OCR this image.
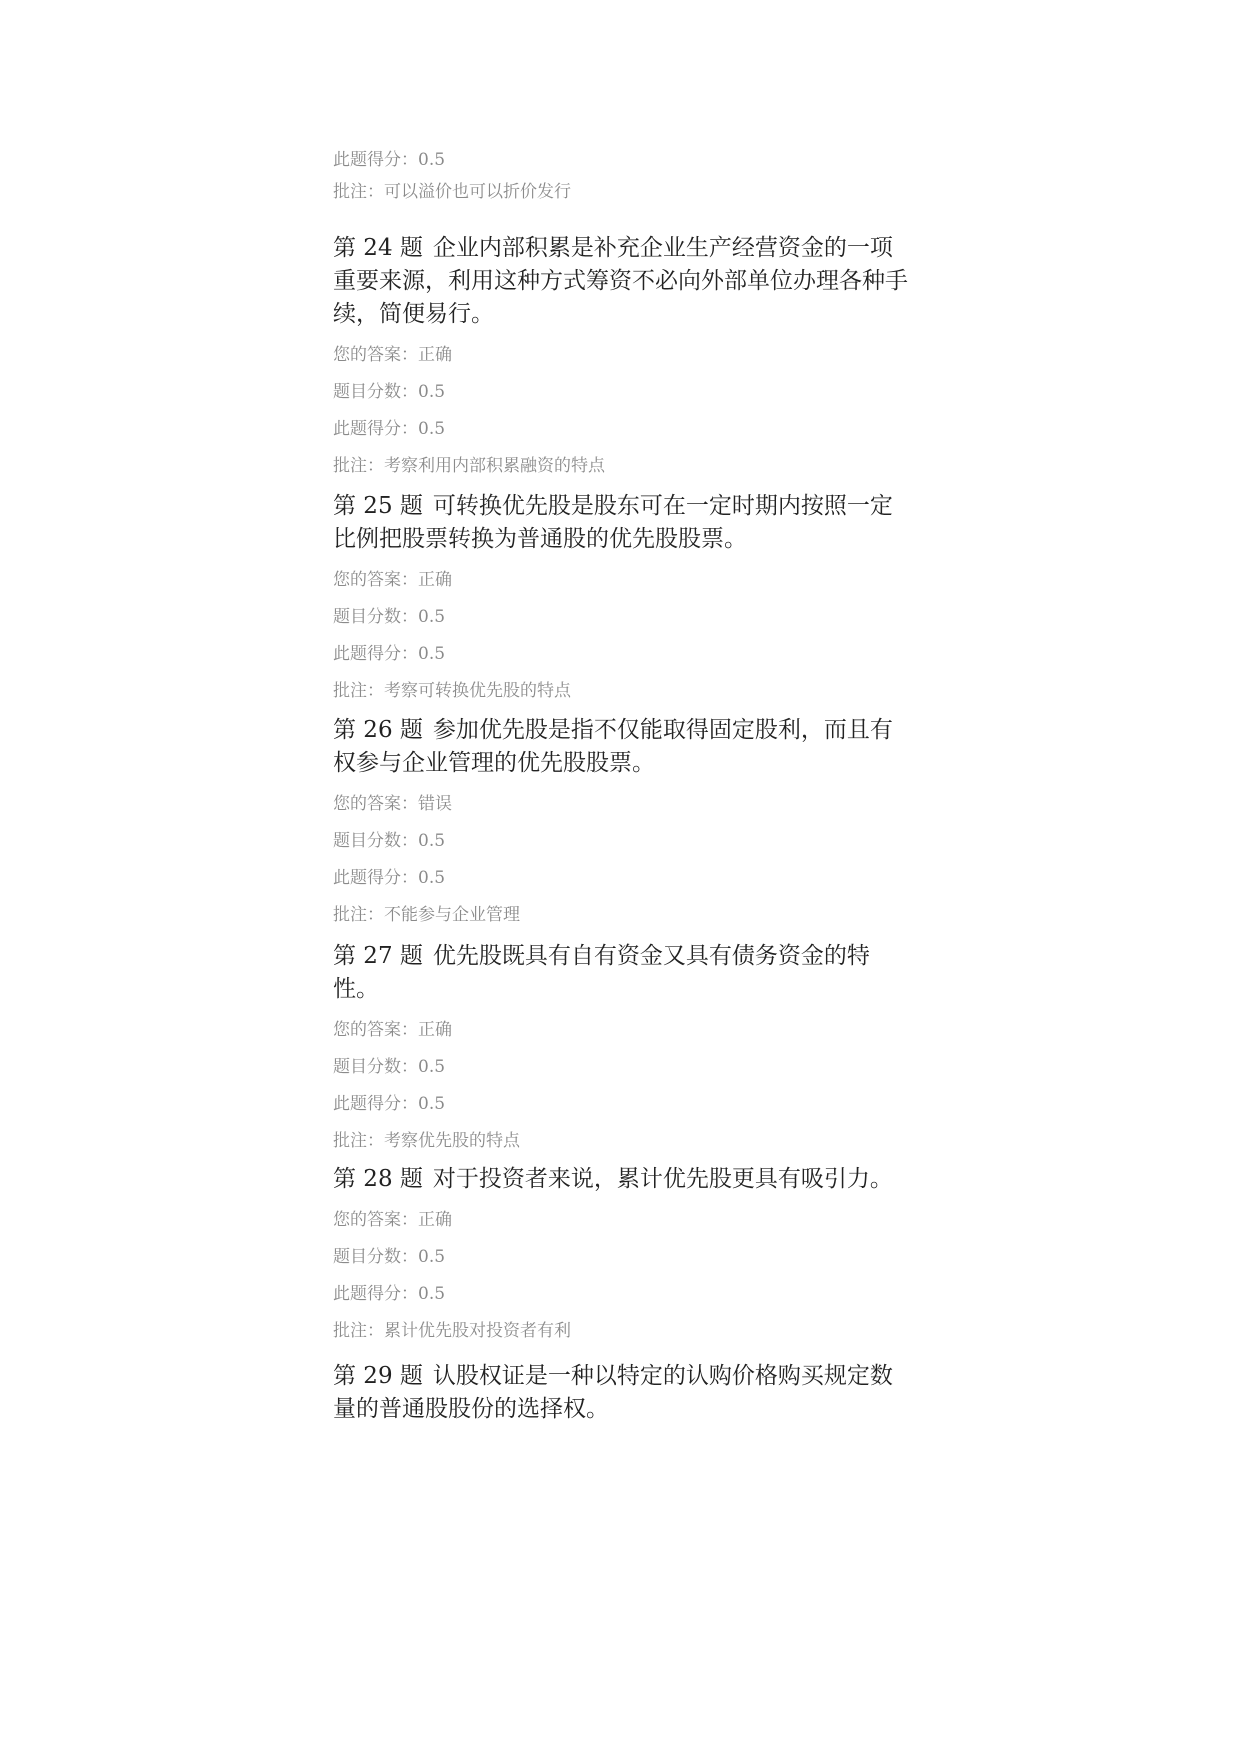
此题得分：0.5
批注：可以溢价也可以折价发行
第 24 题 企业内部积累是补充企业生产经营资金的一项重要来源，利用这种方式筹资不必向外部单位办理各种手续，简便易行。
您的答案：正确
题目分数：0.5
此题得分：0.5
批注：考察利用内部积累融资的特点
第 25 题 可转换优先股是股东可在一定时期内按照一定比例把股票转换为普通股的优先股股票。
您的答案：正确
题目分数：0.5
此题得分：0.5
批注：考察可转换优先股的特点
第 26 题 参加优先股是指不仅能取得固定股利，而且有权参与企业管理的优先股股票。
您的答案：错误
题目分数：0.5
此题得分：0.5
批注：不能参与企业管理
第 27 题 优先股既具有自有资金又具有债务资金的特性。
您的答案：正确
题目分数：0.5
此题得分：0.5
批注：考察优先股的特点
第 28 题 对于投资者来说，累计优先股更具有吸引力。
您的答案：正确
题目分数：0.5
此题得分：0.5
批注：累计优先股对投资者有利
第 29 题 认股权证是一种以特定的认购价格购买规定数量的普通股股份的选择权。
